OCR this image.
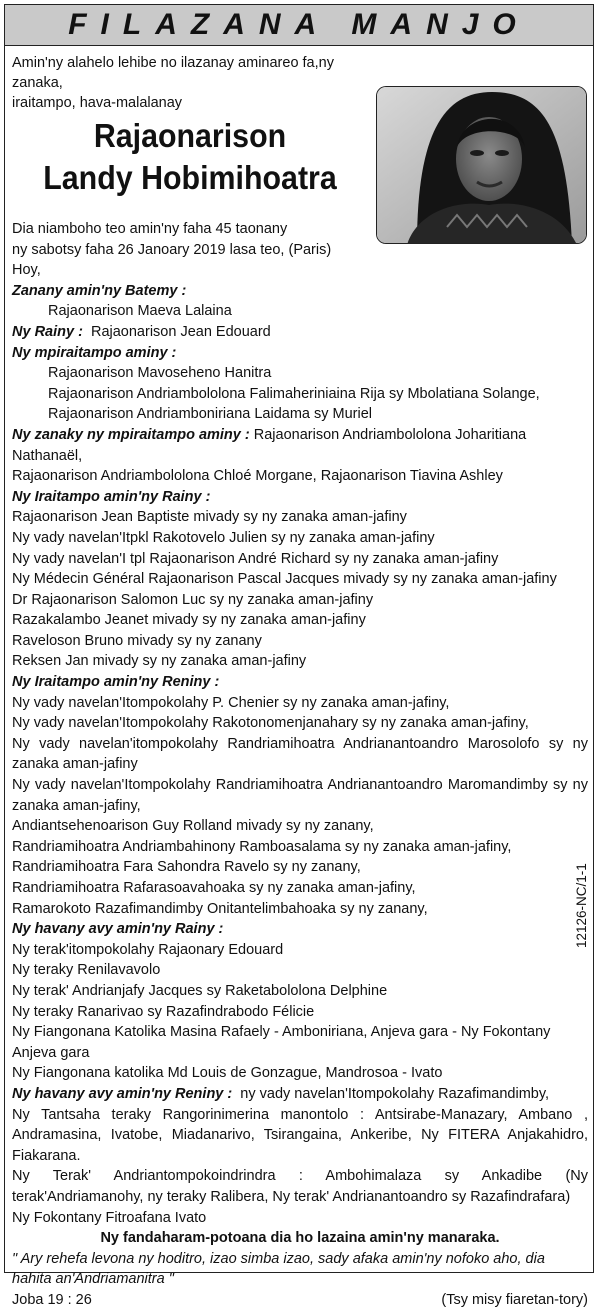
FILAZANA MANJO
Amin'ny alahelo lehibe no ilazanay aminareo fa,ny zanaka,
iraitampo, hava-malalanay
Rajaonarison
Landy Hobimihoatra

Dia niamboho teo amin'ny faha 45 taonany

ny sabotsy faha 26 Janoary 2019 lasa teo, (Paris)

Hoy,

Zanany amin'ny Batemy :

Rajaonarison Maeva Lalaina

Ny Rainy : Rajaonarison Jean Edouard

Ny mpiraitampo aminy :

Rajaonarison Mavoseheno Hanitra

Rajaonarison Andriambololona Falimaheriniaina Rija sy Mbolatiana Solange,

Rajaonarison Andriamboniriana Laidama sy Muriel

Ny zanaky ny mpiraitampo aminy : Rajaonarison Andriambololona Joharitiana Nathanaël,

Rajaonarison Andriambololona Chloé Morgane, Rajaonarison Tiavina Ashley

Ny Iraitampo amin'ny Rainy :

Rajaonarison Jean Baptiste mivady sy ny zanaka aman-jafiny

Ny vady navelan'Itpkl Rakotovelo Julien sy ny zanaka aman-jafiny

Ny vady navelan'I tpl Rajaonarison André Richard sy ny zanaka aman-jafiny

Ny Médecin Général Rajaonarison Pascal Jacques mivady sy ny zanaka aman-jafiny

Dr Rajaonarison Salomon Luc sy ny zanaka aman-jafiny

Razakalambo Jeanet mivady sy ny zanaka aman-jafiny

Raveloson Bruno mivady sy ny zanany

Reksen Jan mivady sy ny zanaka aman-jafiny

Ny Iraitampo amin'ny Reniny :

Ny vady navelan'Itompokolahy P. Chenier sy ny zanaka aman-jafiny,

Ny vady navelan'Itompokolahy Rakotonomenjanahary sy ny zanaka aman-jafiny,

Ny vady navelan'itompokolahy Randriamihoatra Andrianantoandro Marosolofo sy ny zanaka aman-jafiny

Ny vady navelan'Itompokolahy Randriamihoatra Andrianantoandro Maromandimby sy ny zanaka aman-jafiny,

Andiantsehenoarison Guy Rolland mivady sy ny zanany,

Randriamihoatra Andriambahinony Ramboasalama sy ny zanaka aman-jafiny,

Randriamihoatra Fara Sahondra Ravelo sy ny zanany,

Randriamihoatra Rafarasoavahoaka sy ny zanaka aman-jafiny,

Ramarokoto Razafimandimby Onitantelimbahoaka sy ny zanany,

Ny havany avy amin'ny Rainy :

Ny terak'itompokolahy Rajaonary Edouard

Ny teraky Renilavavolo

Ny terak' Andrianjafy Jacques sy Raketabololona Delphine

Ny teraky Ranarivao sy Razafindrabodo Félicie

Ny Fiangonana Katolika Masina Rafaely - Amboniriana, Anjeva gara - Ny Fokontany Anjeva gara

Ny Fiangonana katolika Md Louis de Gonzague, Mandrosoa - Ivato

Ny havany avy amin'ny Reniny : ny vady navelan'Itompokolahy Razafimandimby,

Ny Tantsaha teraky Rangorinimerina manontolo : Antsirabe-Manazary, Ambano , Andramasina, Ivatobe, Miadanarivo, Tsirangaina, Ankeribe, Ny FITERA Anjakahidro, Fiakarana.

Ny Terak' Andriantompokoindrindra : Ambohimalaza sy Ankadibe (Ny terak'Andriamanohy, ny teraky Ralibera, Ny terak' Andrianantoandro sy Razafindrafara)

Ny Fokontany Fitroafana Ivato

Ny fandaharam-potoana dia ho lazaina amin'ny manaraka.

" Ary rehefa levona ny hoditro, izao simba izao, sady afaka amin'ny nofoko aho, dia hahita an'Andriamanitra "

Joba 19 : 26	(Tsy misy fiaretan-tory)
12126-NC/1-1
